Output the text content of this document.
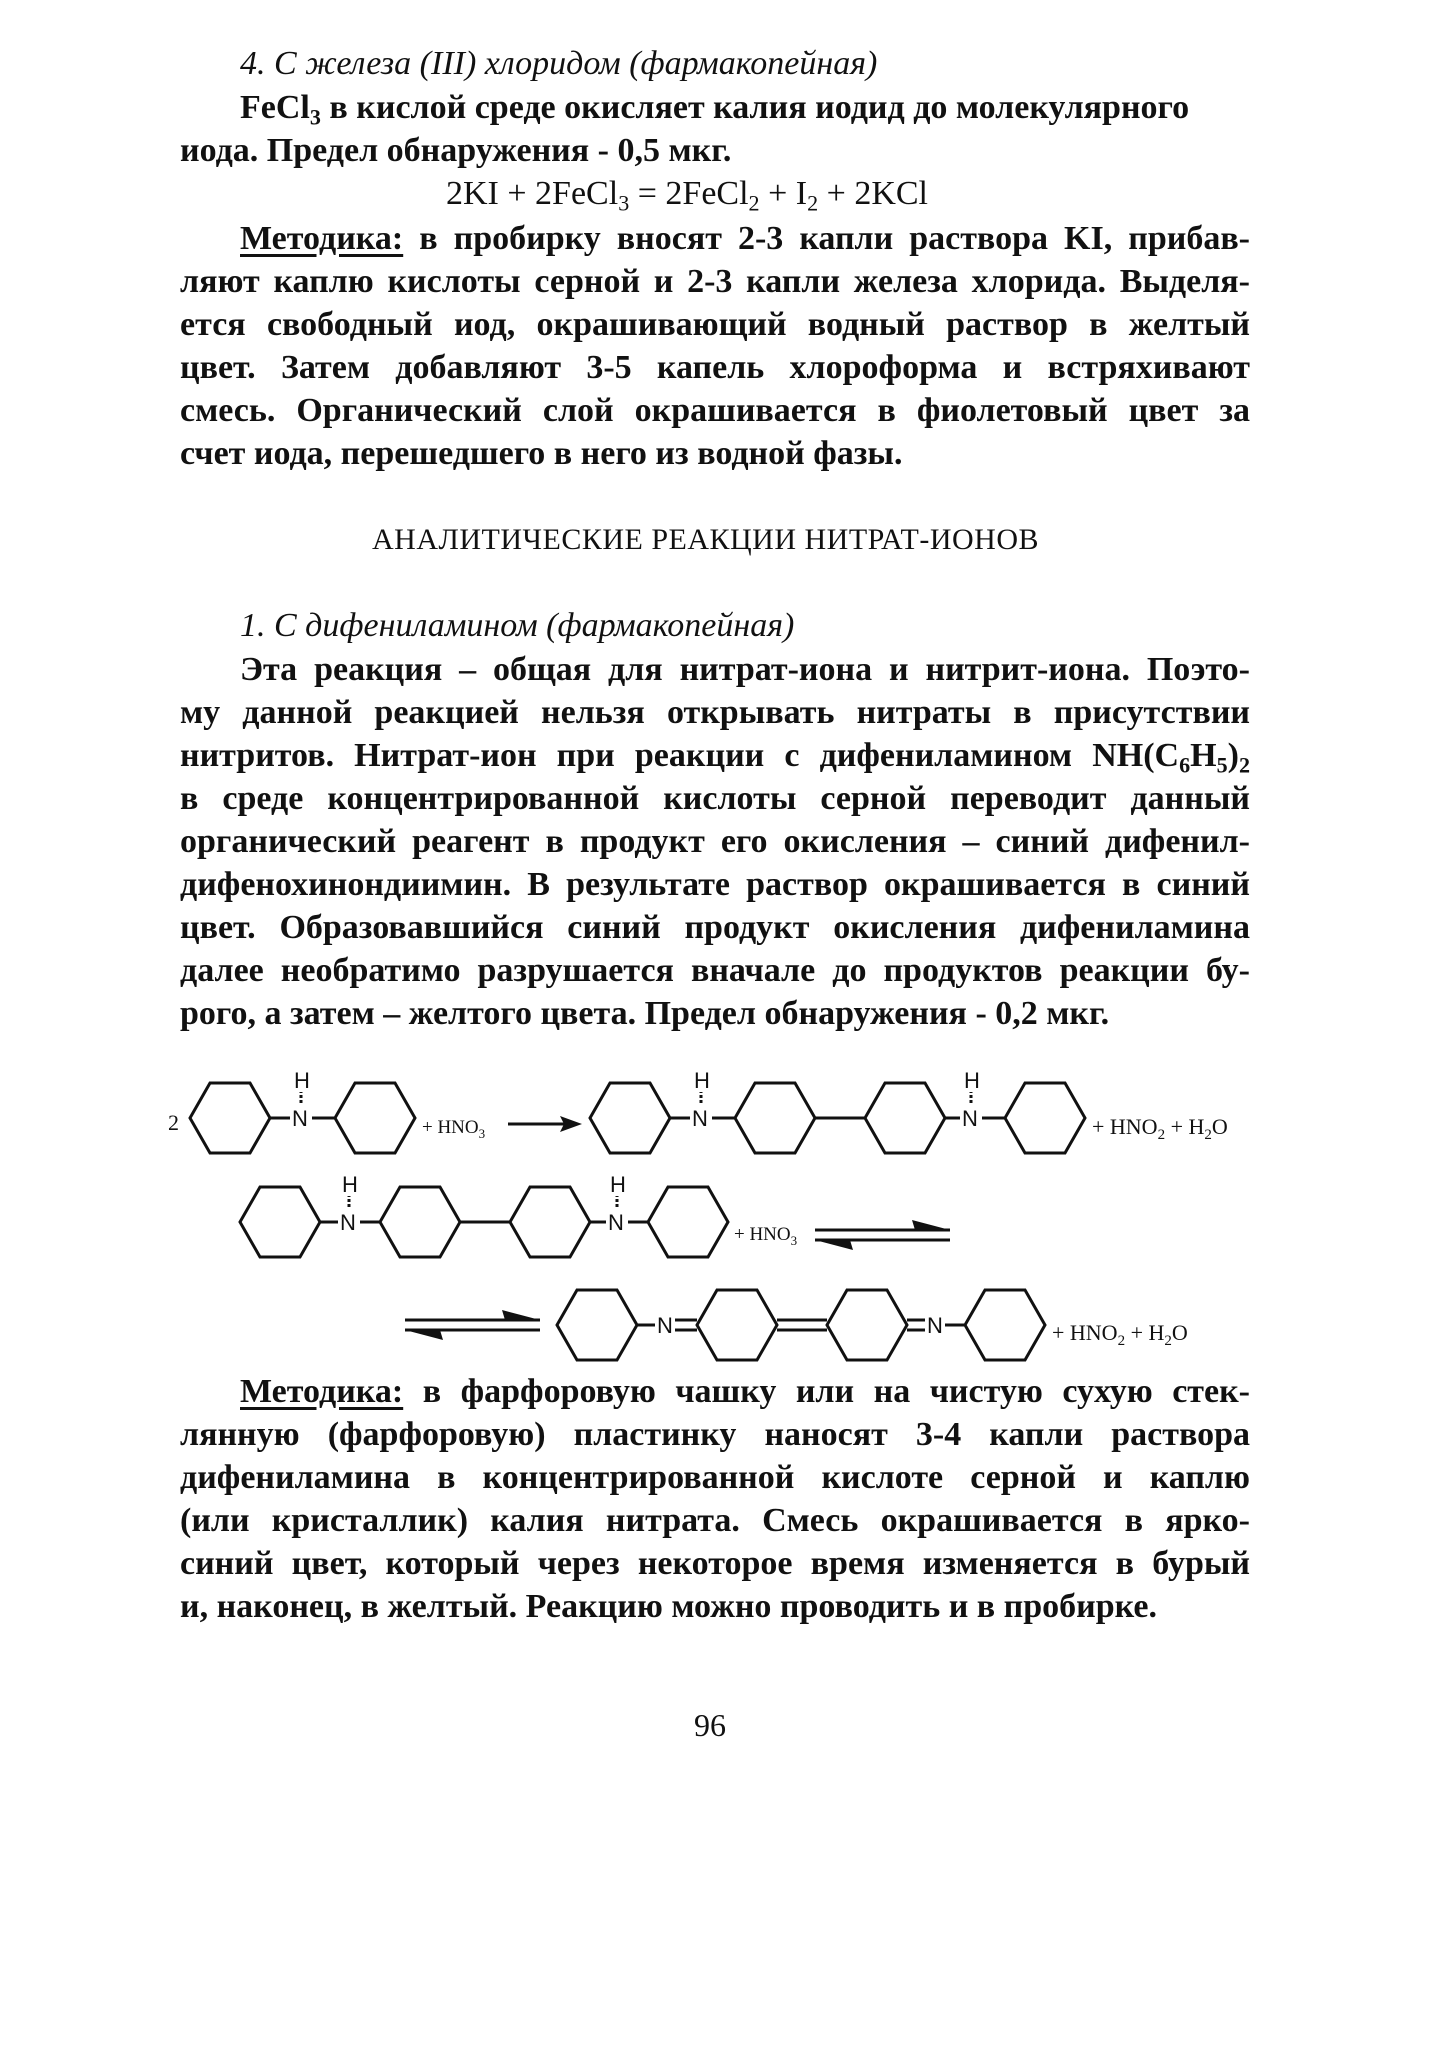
4. С железа (III) хлоридом (фармакопейная)
FeCl$_3$ в кислой среде окисляет калия иодид до молекулярного
иода. Предел обнаружения - 0,5 мкг.
2KI + 2FeCl$_3$ = 2FeCl$_2$ + $I_2 + 2KCl$
Методика: в пробирку вносят 2-3 капли раствора KI, прибав-
ляют каплю кислоты серной и 2-3 капли железа хлорида. Выделя-
ется свободный иод, окрашивающий водный раствор в желтый
цвет. Затем добавляют 3-5 капель хлороформа и встряхивают
смесь. Органический слой окрашивается в фиолетовый цвет за
счет иода, перешедшего в него из водной фазы.
АНАЛИТИЧЕСКИЕ РЕАКЦИИ НИТРАТ-ИОНОВ
1. С дифениламином (фармакопейная)
Эта реакция – общая для нитрат-иона и нитрит-иона. Поэто-
му данной реакцией нельзя открывать нитраты в присутствии
нитритов. Нитрат-ион при реакции с дифениламином $NH(C_6H_5)_2$
в среде концентрированной кислоты серной переводит данный
органический реагент в продукт его окисления – синий дифенил-
дифенохинондиимин. В результате раствор окрашивается в синий
цвет. Образовавшийся синий продукт окисления дифениламина
далее необратимо разрушается вначале до продуктов реакции бу-
рого, а затем – желтого цвета. Предел обнаружения - 0,2 мкг.
2	N
H
+ $HNO_3$
N
H
N
H
+ $HNO_2 + H_2O$
N
H
N
H
+ $HNO_3$
N	N	+ $HNO_2 + H_2O$
Методика: в фарфоровую чашку или на чистую сухую стек-
лянную (фарфоровую) пластинку наносят 3-4 капли раствора
дифениламина в концентрированной кислоте серной и каплю
(или кристаллик) калия нитрата. Смесь окрашивается в ярко-
синий цвет, который через некоторое время изменяется в бурый
и, наконец, в желтый. Реакцию можно проводить и в пробирке.
96
